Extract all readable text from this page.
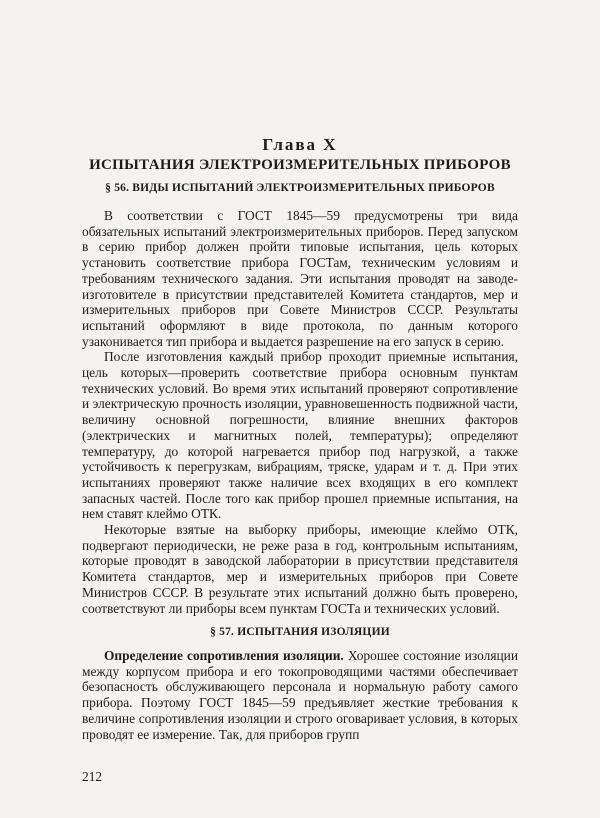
Глава X
ИСПЫТАНИЯ ЭЛЕКТРОИЗМЕРИТЕЛЬНЫХ ПРИБОРОВ
§ 56. ВИДЫ ИСПЫТАНИЙ ЭЛЕКТРОИЗМЕРИТЕЛЬНЫХ ПРИБОРОВ

В соответствии с ГОСТ 1845—59 предусмотрены три вида обязательных испытаний электроизмерительных приборов. Перед запуском в серию прибор должен пройти типовые испытания, цель которых установить соответствие прибора ГОСТам, техническим условиям и требованиям технического задания. Эти испытания проводят на заводе-изготовителе в присутствии представителей Комитета стандартов, мер и измерительных приборов при Совете Министров СССР. Результаты испытаний оформляют в виде протокола, по данным которого узаконивается тип прибора и выдается разрешение на его запуск в серию.

После изготовления каждый прибор проходит приемные испытания, цель которых—проверить соответствие прибора основным пунктам технических условий. Во время этих испытаний проверяют сопротивление и электрическую прочность изоляции, уравновешенность подвижной части, величину основной погрешности, влияние внешних факторов (электрических и магнитных полей, температуры); определяют температуру, до которой нагревается прибор под нагрузкой, а также устойчивость к перегрузкам, вибрациям, тряске, ударам и т. д. При этих испытаниях проверяют также наличие всех входящих в его комплект запасных частей. После того как прибор прошел приемные испытания, на нем ставят клеймо ОТК.

Некоторые взятые на выборку приборы, имеющие клеймо ОТК, подвергают периодически, не реже раза в год, контрольным испытаниям, которые проводят в заводской лаборатории в присутствии представителя Комитета стандартов, мер и измерительных приборов при Совете Министров СССР. В результате этих испытаний должно быть проверено, соответствуют ли приборы всем пунктам ГОСТа и технических условий.

§ 57. ИСПЫТАНИЯ ИЗОЛЯЦИИ

Определение сопротивления изоляции. Хорошее состояние изоляции между корпусом прибора и его токопроводящими частями обеспечивает безопасность обслуживающего персонала и нормальную работу самого прибора. Поэтому ГОСТ 1845—59 предъявляет жесткие требования к величине сопротивления изоляции и строго оговаривает условия, в которых проводят ее измерение. Так, для приборов групп

212
